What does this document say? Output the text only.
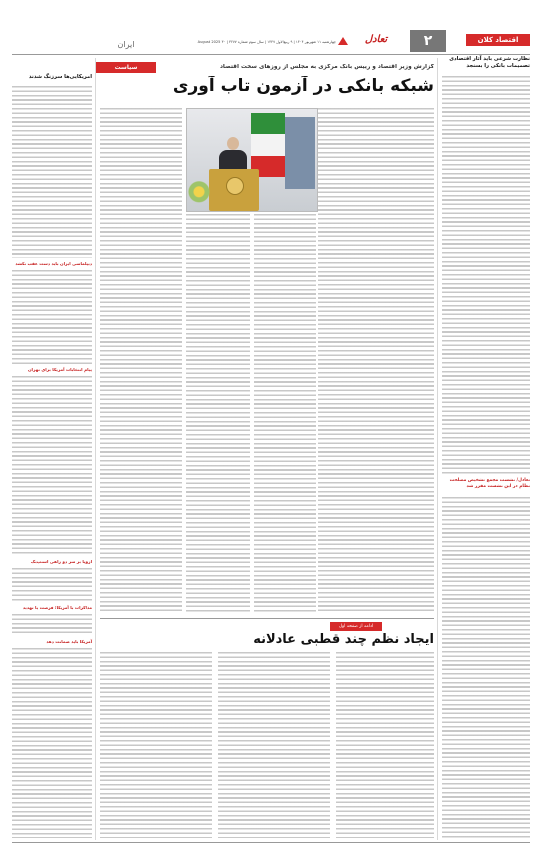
اقتصاد کلان
سیاست
۲
تعادل
چهارشنبه ۱۱ شهریور ۱۴۰۴ | ۹ ربیع‌الاول ۱۴۴۷ | سال سوم شماره ۳۲۷۷ | ۳۰ August 2025
ایران
نظارت شرعی باید آثار اقتصادی تصمیمات بانکی را بسنجد
تعادل/ نشست مجمع تشخیص مصلحت نظام در این نشست مقرر شد
امریکایی‌ها سرزنگ شدند
دیپلماسی ایران باید دست عقب نکشد
پیام انتخابات آمریکا برای تهران
اروپا بر سر دو راهی اسنپ‌بک
مذاکرات با آمریکا؛ فرصت یا تهدید
آمریکا باید ضمانت دهد
گزارش وزیر اقتصاد و رییس بانک مرکزی به مجلس از روزهای سخت اقتصاد
شبکه بانکی در آزمون تاب آوری
ادامه از صفحه اول
ایجاد نظم چند قطبی عادلانه
